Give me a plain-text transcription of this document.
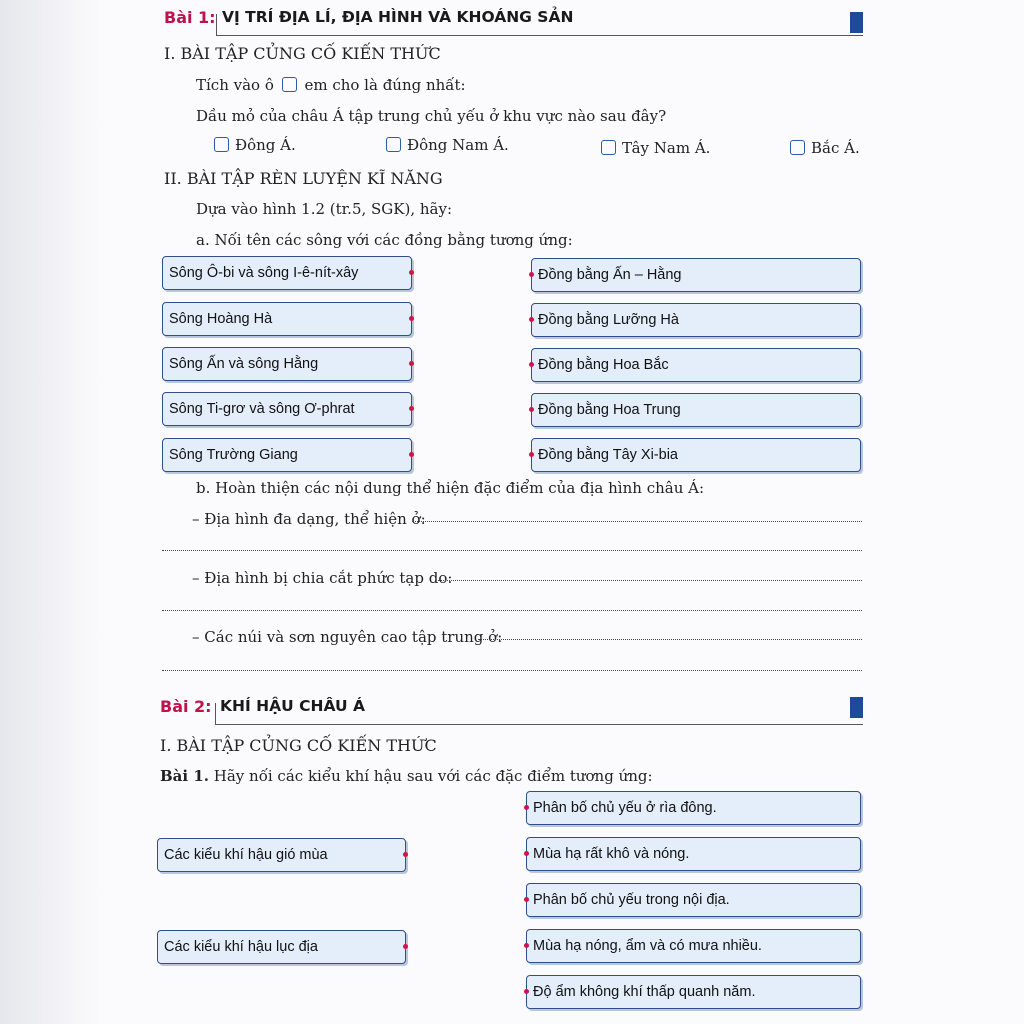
Bài 1: VỊ TRÍ ĐỊA LÍ, ĐỊA HÌNH VÀ KHOÁNG SẢN
I. BÀI TẬP CỦNG CỐ KIẾN THỨC
Tích vào ô em cho là đúng nhất:
Dầu mỏ của châu Á tập trung chủ yếu ở khu vực nào sau đây?
Đông Á.	Đông Nam Á.	Tây Nam Á.	Bắc Á.
II. BÀI TẬP RÈN LUYỆN KĨ NĂNG
Dựa vào hình 1.2 (tr.5, SGK), hãy:
a. Nối tên các sông với các đồng bằng tương ứng:
Sông Ô-bi và sông I-ê-nít-xây
Sông Hoàng Hà
Sông Ấn và sông Hằng
Sông Ti-grơ và sông Ơ-phrat
Sông Trường Giang
Đồng bằng Ấn – Hằng
Đồng bằng Lưỡng Hà
Đồng bằng Hoa Bắc
Đồng bằng Hoa Trung
Đồng bằng Tây Xi-bia
b. Hoàn thiện các nội dung thể hiện đặc điểm của địa hình châu Á:
– Địa hình đa dạng, thể hiện ở:
– Địa hình bị chia cắt phức tạp do:
– Các núi và sơn nguyên cao tập trung ở:
Bài 2: KHÍ HẬU CHÂU Á
I. BÀI TẬP CỦNG CỐ KIẾN THỨC
Bài 1. Hãy nối các kiểu khí hậu sau với các đặc điểm tương ứng:
Các kiểu khí hậu gió mùa
Các kiểu khí hậu lục địa
Phân bố chủ yếu ở rìa đông.
Mùa hạ rất khô và nóng.
Phân bố chủ yếu trong nội địa.
Mùa hạ nóng, ẩm và có mưa nhiều.
Độ ẩm không khí thấp quanh năm.
